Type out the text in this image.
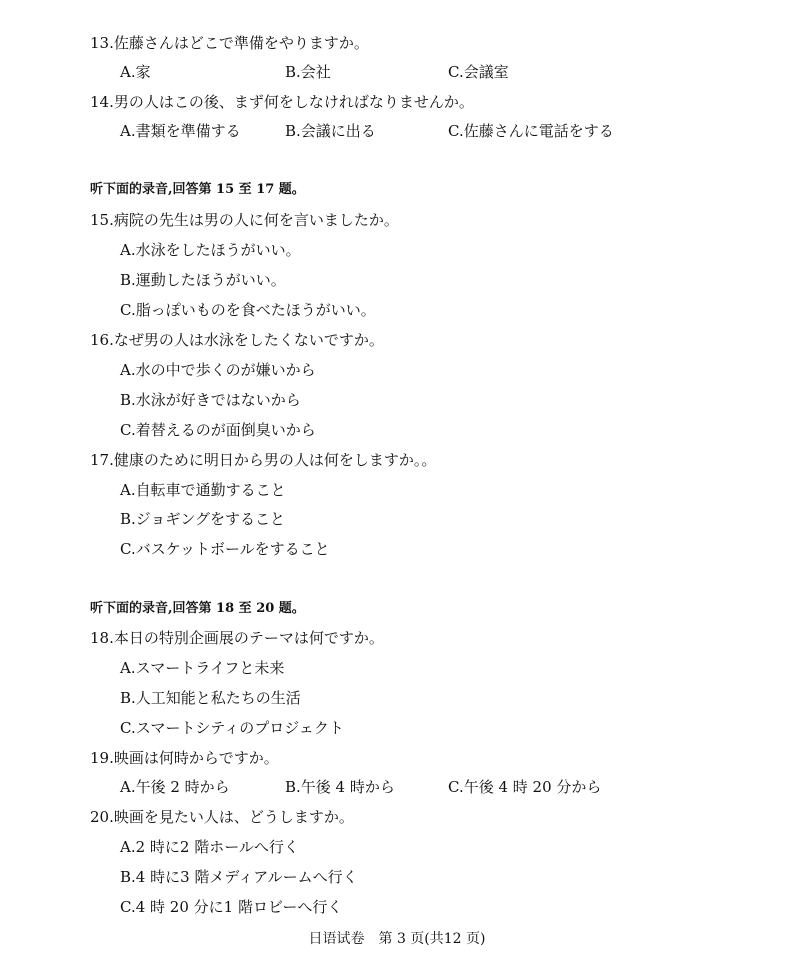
13.佐藤さんはどこで準備をやりますか。
A.家	B.会社	C.会議室
14.男の人はこの後、まず何をしなければなりませんか。
A.書類を準備する	B.会議に出る	C.佐藤さんに電話をする
听下面的录音,回答第 15 至 17 题。
15.病院の先生は男の人に何を言いましたか。
A.水泳をしたほうがいい。
B.運動したほうがいい。
C.脂っぽいものを食べたほうがいい。
16.なぜ男の人は水泳をしたくないですか。
A.水の中で歩くのが嫌いから
B.水泳が好きではないから
C.着替えるのが面倒臭いから
17.健康のために明日から男の人は何をしますか。。
A.自転車で通勤すること
B.ジョギングをすること
C.バスケットボールをすること
听下面的录音,回答第 18 至 20 题。
18.本日の特別企画展のテーマは何ですか。
A.スマートライフと未来
B.人工知能と私たちの生活
C.スマートシティのプロジェクト
19.映画は何時からですか。
A.午後 2 時から	B.午後 4 時から	C.午後 4 時 20 分から
20.映画を見たい人は、どうしますか。
A.2 時に2 階ホールへ行く
B.4 時に3 階メディアルームへ行く
C.4 時 20 分に1 階ロビーへ行く
日语试卷　第 3 页(共12 页)
